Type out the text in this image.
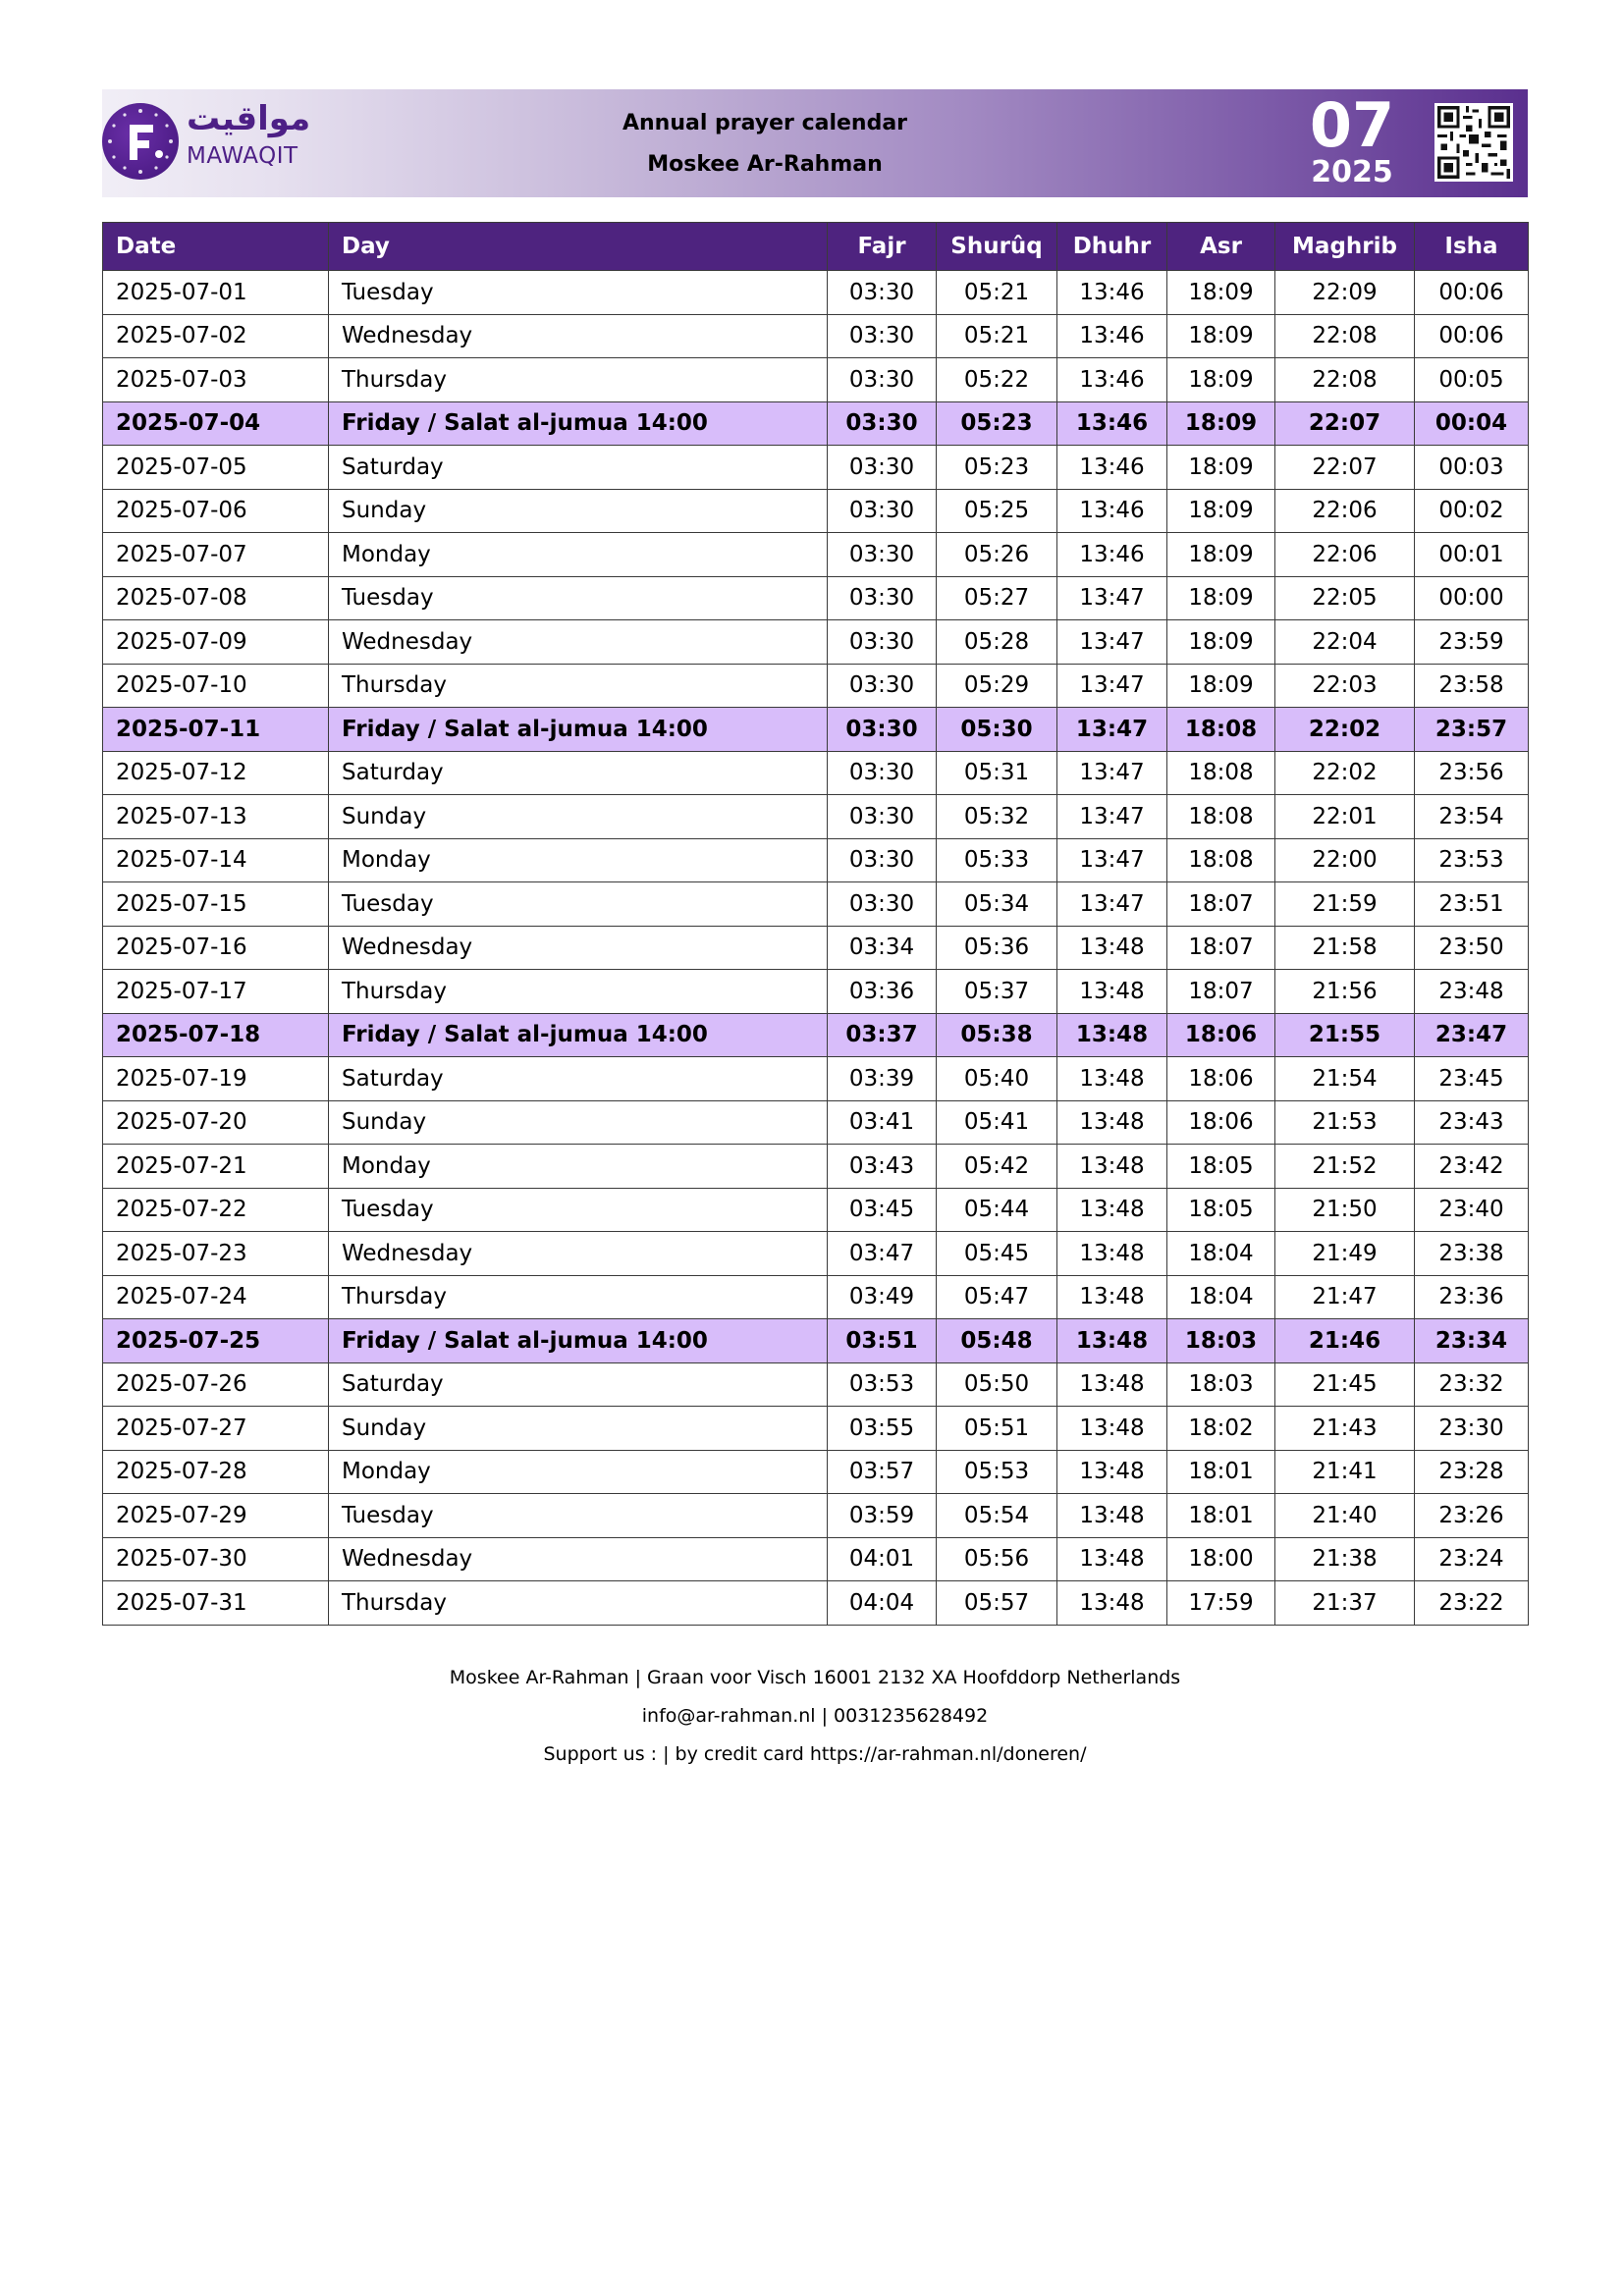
مواقيت
MAWAQIT
Annual prayer calendar
Moskee Ar-Rahman
07
2025
Date	Day	Fajr	Shurûq	Dhuhr	Asr	Maghrib	Isha
2025-07-01	Tuesday	03:30	05:21	13:46	18:09	22:09	00:06
2025-07-02	Wednesday	03:30	05:21	13:46	18:09	22:08	00:06
2025-07-03	Thursday	03:30	05:22	13:46	18:09	22:08	00:05
2025-07-04	Friday / Salat al-jumua 14:00	03:30	05:23	13:46	18:09	22:07	00:04
2025-07-05	Saturday	03:30	05:23	13:46	18:09	22:07	00:03
2025-07-06	Sunday	03:30	05:25	13:46	18:09	22:06	00:02
2025-07-07	Monday	03:30	05:26	13:46	18:09	22:06	00:01
2025-07-08	Tuesday	03:30	05:27	13:47	18:09	22:05	00:00
2025-07-09	Wednesday	03:30	05:28	13:47	18:09	22:04	23:59
2025-07-10	Thursday	03:30	05:29	13:47	18:09	22:03	23:58
2025-07-11	Friday / Salat al-jumua 14:00	03:30	05:30	13:47	18:08	22:02	23:57
2025-07-12	Saturday	03:30	05:31	13:47	18:08	22:02	23:56
2025-07-13	Sunday	03:30	05:32	13:47	18:08	22:01	23:54
2025-07-14	Monday	03:30	05:33	13:47	18:08	22:00	23:53
2025-07-15	Tuesday	03:30	05:34	13:47	18:07	21:59	23:51
2025-07-16	Wednesday	03:34	05:36	13:48	18:07	21:58	23:50
2025-07-17	Thursday	03:36	05:37	13:48	18:07	21:56	23:48
2025-07-18	Friday / Salat al-jumua 14:00	03:37	05:38	13:48	18:06	21:55	23:47
2025-07-19	Saturday	03:39	05:40	13:48	18:06	21:54	23:45
2025-07-20	Sunday	03:41	05:41	13:48	18:06	21:53	23:43
2025-07-21	Monday	03:43	05:42	13:48	18:05	21:52	23:42
2025-07-22	Tuesday	03:45	05:44	13:48	18:05	21:50	23:40
2025-07-23	Wednesday	03:47	05:45	13:48	18:04	21:49	23:38
2025-07-24	Thursday	03:49	05:47	13:48	18:04	21:47	23:36
2025-07-25	Friday / Salat al-jumua 14:00	03:51	05:48	13:48	18:03	21:46	23:34
2025-07-26	Saturday	03:53	05:50	13:48	18:03	21:45	23:32
2025-07-27	Sunday	03:55	05:51	13:48	18:02	21:43	23:30
2025-07-28	Monday	03:57	05:53	13:48	18:01	21:41	23:28
2025-07-29	Tuesday	03:59	05:54	13:48	18:01	21:40	23:26
2025-07-30	Wednesday	04:01	05:56	13:48	18:00	21:38	23:24
2025-07-31	Thursday	04:04	05:57	13:48	17:59	21:37	23:22
Moskee Ar-Rahman | Graan voor Visch 16001 2132 XA Hoofddorp Netherlands
info@ar-rahman.nl | 0031235628492
Support us : | by credit card https://ar-rahman.nl/doneren/
